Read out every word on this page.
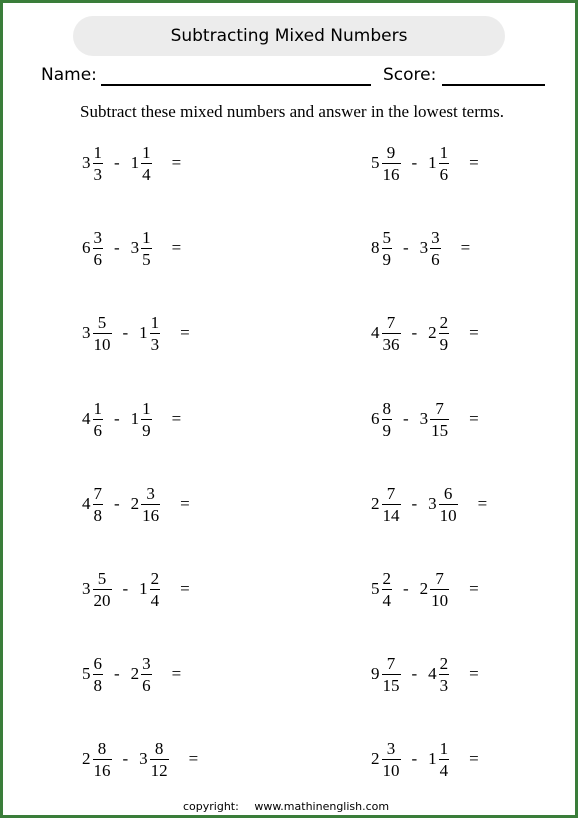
Subtracting Mixed Numbers
Name:	Score:
Subtract these mixed numbers and answer in the lowest terms.
$3 \frac{1}{3} - 1 \frac{1}{4}$ =	$5 \frac{9}{16} - 1 \frac{1}{6}$ =
$6 \frac{3}{6} - 3 \frac{1}{5}$ =	$8 \frac{5}{9} - 3 \frac{3}{6}$ =
$3 \frac{5}{10} - 1 \frac{1}{3}$ =	$4 \frac{7}{36} - 2 \frac{2}{9}$ =
$4 \frac{1}{6} - 1 \frac{1}{9}$ =	$6 \frac{8}{9} - 3 \frac{7}{15}$ =
$4 \frac{7}{8} - 2 \frac{3}{16}$ =	$2 \frac{7}{14} - 3 \frac{6}{10}$ =
$3 \frac{5}{20} - 1 \frac{2}{4}$ =	$5 \frac{2}{4} - 2 \frac{7}{10}$ =
$5 \frac{6}{8} - 2 \frac{3}{6}$ =	$9 \frac{7}{15} - 4 \frac{2}{3}$ =
$2 \frac{8}{16} - 3 \frac{8}{12}$ =	$2 \frac{3}{10} - 1 \frac{1}{4}$ =
copyright: www.mathinenglish.com
